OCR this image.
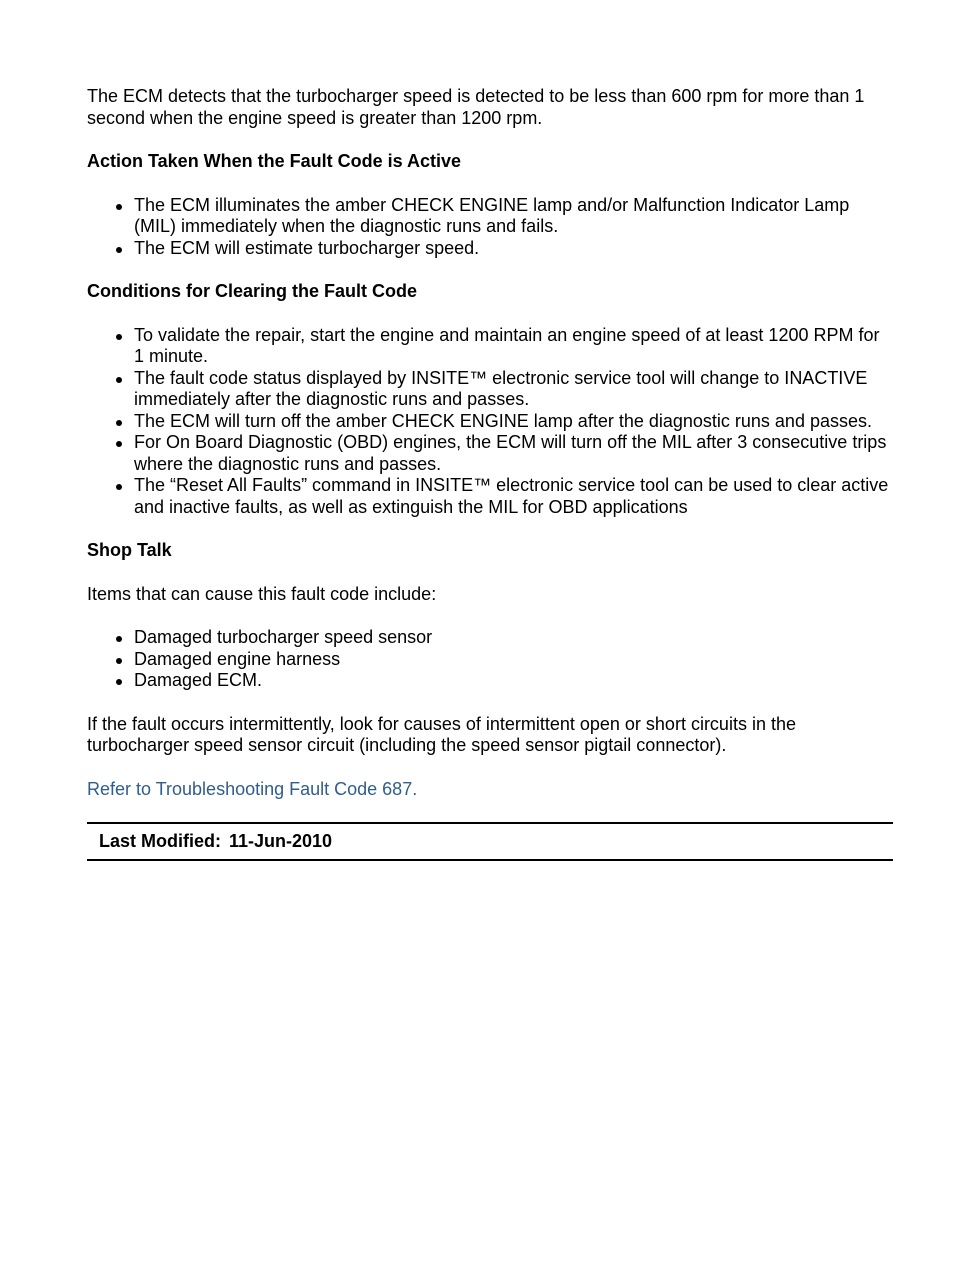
The ECM detects that the turbocharger speed is detected to be less than 600 rpm for more than 1 second when the engine speed is greater than 1200 rpm.

Action Taken When the Fault Code is Active

The ECM illuminates the amber CHECK ENGINE lamp and/or Malfunction Indicator Lamp (MIL) immediately when the diagnostic runs and fails.
The ECM will estimate turbocharger speed.

Conditions for Clearing the Fault Code

To validate the repair, start the engine and maintain an engine speed of at least 1200 RPM for 1 minute.
The fault code status displayed by INSITE™ electronic service tool will change to INACTIVE immediately after the diagnostic runs and passes.
The ECM will turn off the amber CHECK ENGINE lamp after the diagnostic runs and passes.
For On Board Diagnostic (OBD) engines, the ECM will turn off the MIL after 3 consecutive trips where the diagnostic runs and passes.
The “Reset All Faults” command in INSITE™ electronic service tool can be used to clear active and inactive faults, as well as extinguish the MIL for OBD applications

Shop Talk

Items that can cause this fault code include:

Damaged turbocharger speed sensor
Damaged engine harness
Damaged ECM.

If the fault occurs intermittently, look for causes of intermittent open or short circuits in the turbocharger speed sensor circuit (including the speed sensor pigtail connector).

Refer to Troubleshooting Fault Code 687.

Last Modified: 11-Jun-2010
